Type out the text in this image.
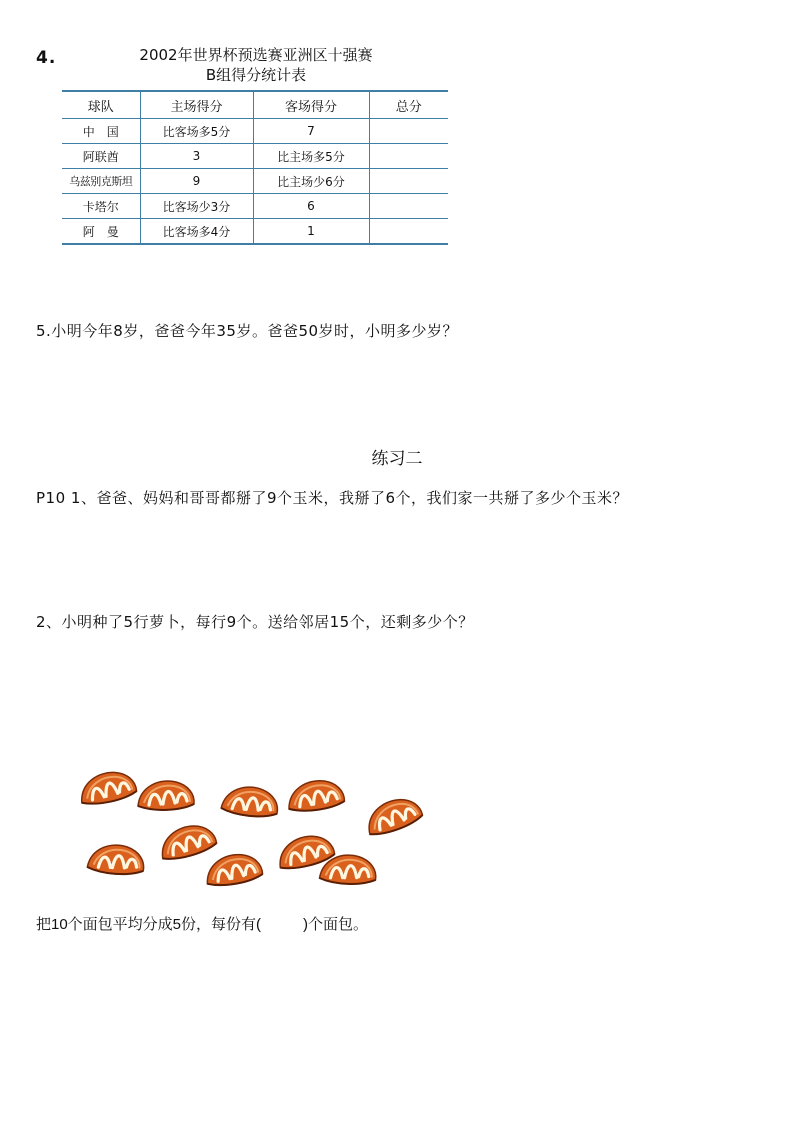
4.	2002年世界杯预选赛亚洲区十强赛
B组得分统计表
球队	主场得分	客场得分	总分
中　国	比客场多5分	7	
阿联酋	3	比主场多5分	
乌兹别克斯坦	9	比主场少6分	
卡塔尔	比客场少3分	6	
阿　曼	比客场多4分	1	
5.小明今年8岁，爸爸今年35岁。爸爸50岁时，小明多少岁？
练习二
P10 1、爸爸、妈妈和哥哥都掰了9个玉米，我掰了6个，我们家一共掰了多少个玉米？
2、小明种了5行萝卜，每行9个。送给邻居15个，还剩多少个？
把10个面包平均分成5份，每份有(	)个面包。
